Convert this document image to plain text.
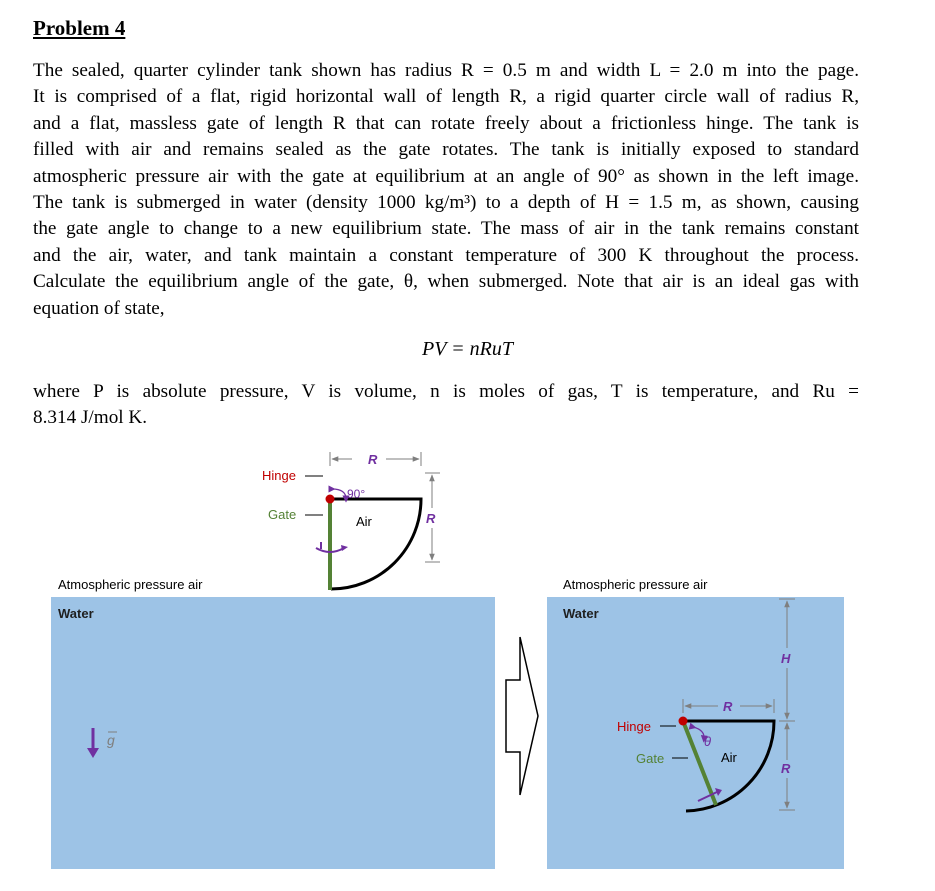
Problem 4
The sealed, quarter cylinder tank shown has radius R = 0.5 m and width L = 2.0 m into the page.
It is comprised of a flat, rigid horizontal wall of length R, a rigid quarter circle wall of radius R,
and a flat, massless gate of length R that can rotate freely about a frictionless hinge. The tank is
filled with air and remains sealed as the gate rotates. The tank is initially exposed to standard
atmospheric pressure air with the gate at equilibrium at an angle of 90° as shown in the left image.
The tank is submerged in water (density 1000 kg/m³) to a depth of H = 1.5 m, as shown, causing
the gate angle to change to a new equilibrium state. The mass of air in the tank remains constant
and the air, water, and tank maintain a constant temperature of 300 K throughout the process.
Calculate the equilibrium angle of the gate, θ, when submerged. Note that air is an ideal gas with
equation of state,
PV = nRuT
where P is absolute pressure, V is volume, n is moles of gas, T is temperature, and Ru =
8.314 J/mol K.
Atmospheric pressure air
Water
g
90°
Hinge
Gate	Air
R
R
Atmospheric pressure air
Water
θ
Hinge
Gate	Air
R
H
R
